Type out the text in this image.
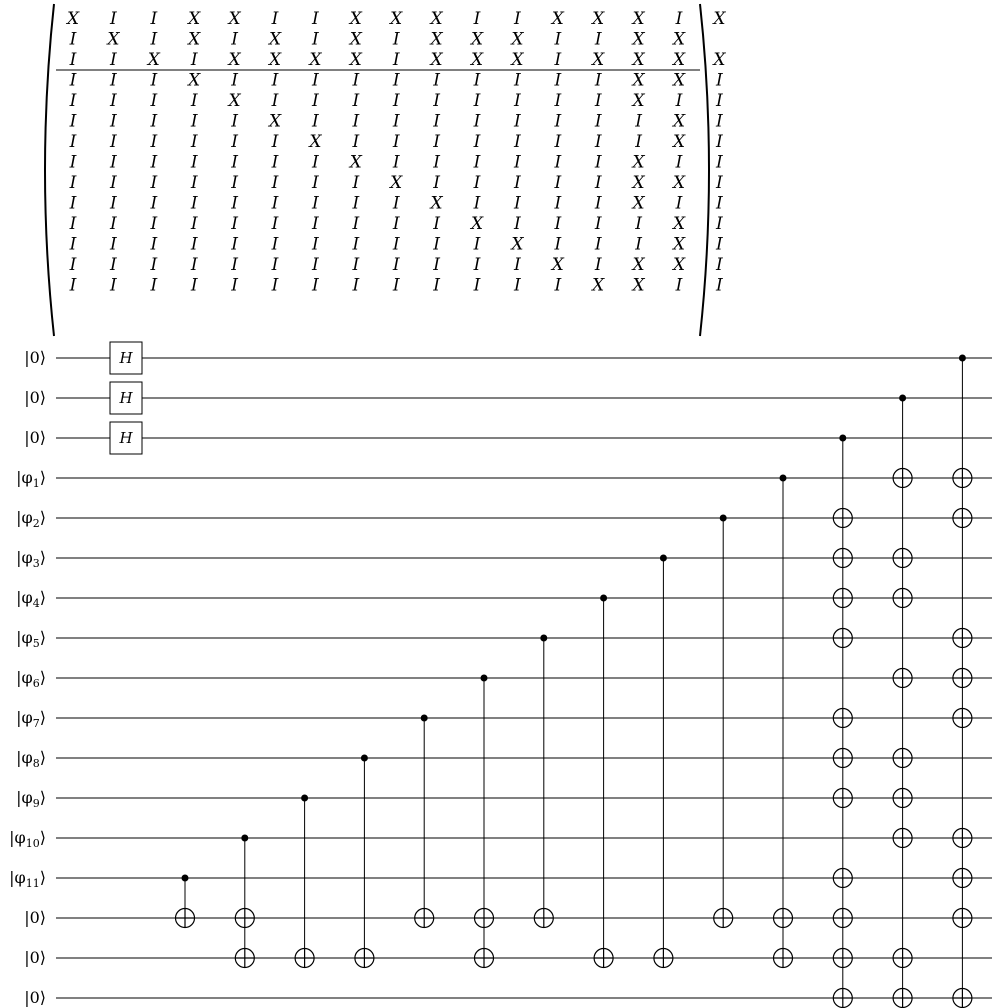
X I I X X I I X X X I I X X X I X
I X I X I X I X I X X X I I X X
I I X I X X X X I X X X I X X X X
I I I X I I I I I I I I I I X X I
I I I I X I I I I I I I I I X I I
I I I I I X I I I I I I I I I X I
I I I I I I X I I I I I I I I X I
I I I I I I I X I I I I I I X I I
I I I I I I I I X I I I I I X X I
I I I I I I I I I X I I I I X I I
I I I I I I I I I I X I I I I X I
I I I I I I I I I I I X I I I X I
I I I I I I I I I I I I X I X X I
I I I I I I I I I I I I I X X I I
|0⟩
|0⟩
|0⟩
$|\varphi_1⟩$
$|\varphi_2⟩$
$|\varphi_3⟩$
$|\varphi_4⟩$
$|\varphi_5⟩$
$|\varphi_6⟩$
$|\varphi_7⟩$
$|\varphi_8⟩$
$|\varphi_9⟩$
$|\varphi_{10}⟩$
$|\varphi_{11}⟩$
|0⟩
|0⟩
|0⟩
H
H
H
